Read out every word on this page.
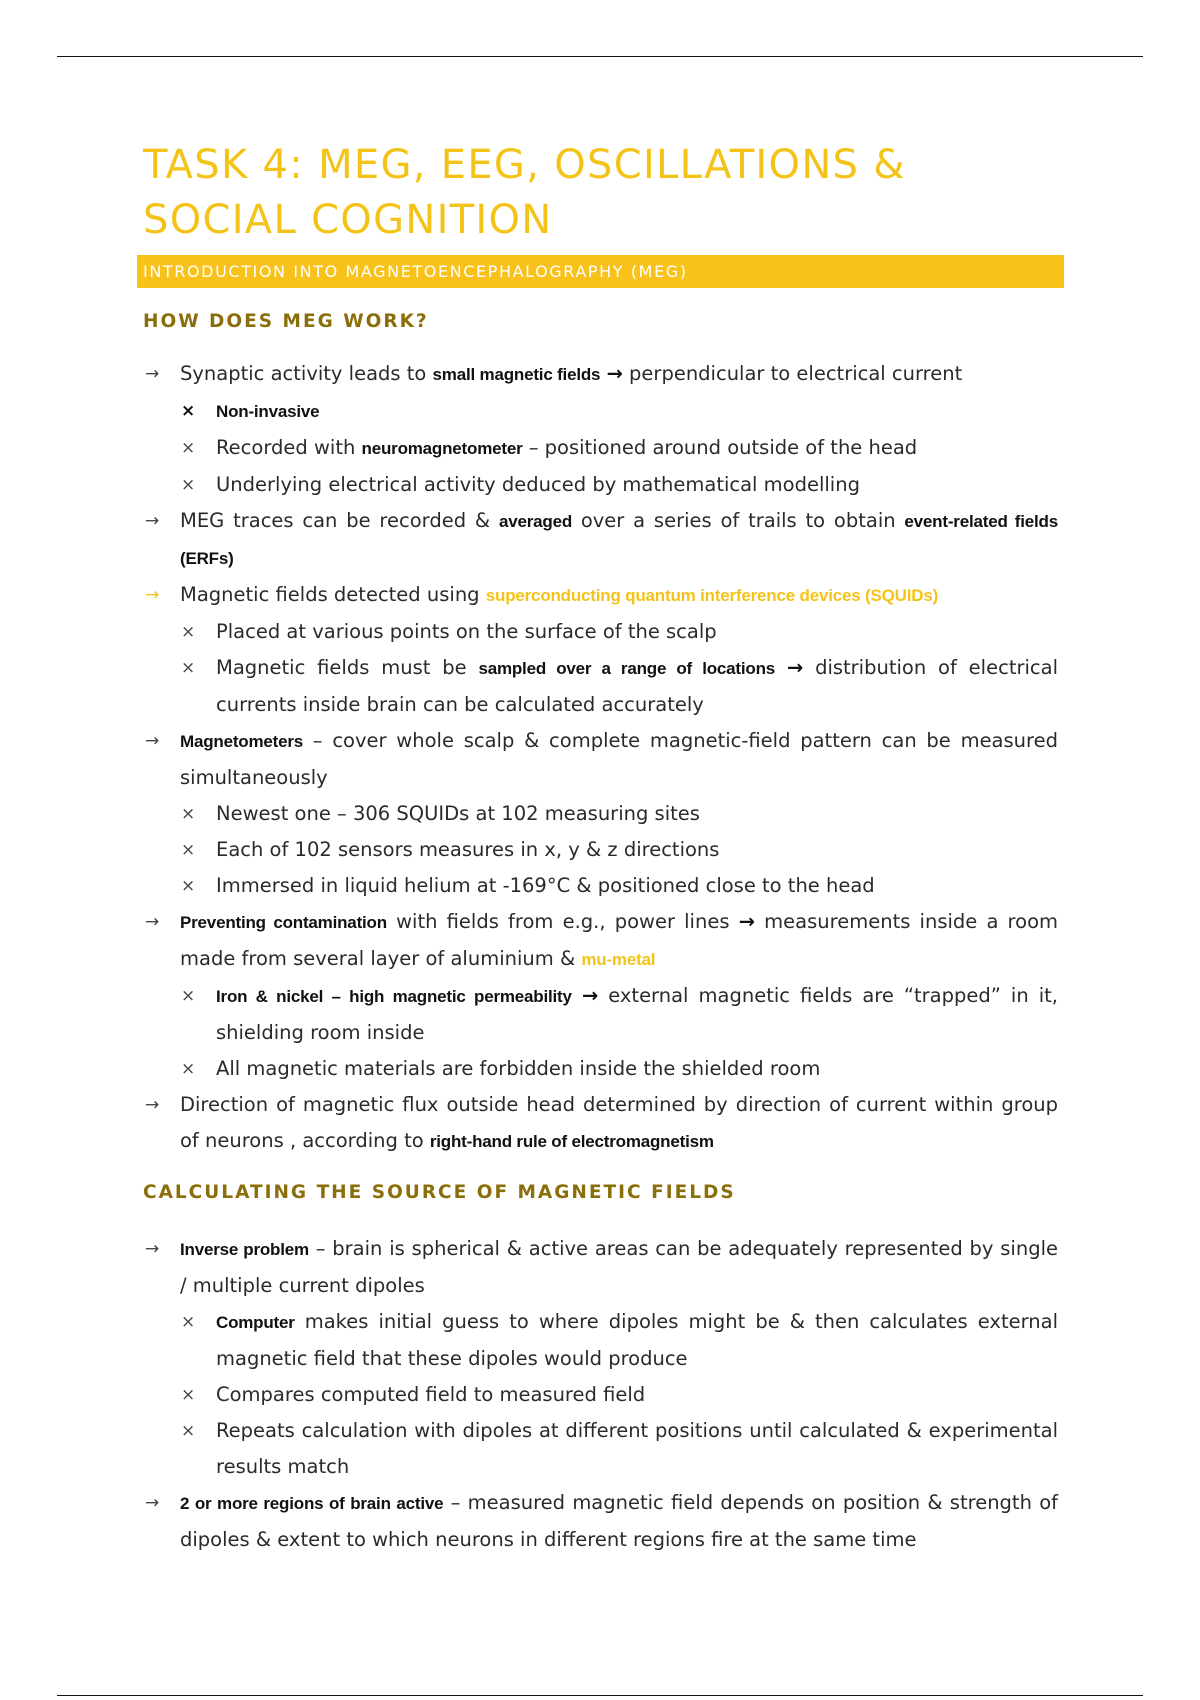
TASK 4: MEG, EEG, OSCILLATIONS &
SOCIAL COGNITION
INTRODUCTION INTO MAGNETOENCEPHALOGRAPHY (MEG)
HOW DOES MEG WORK?
→ Synaptic activity leads to small magnetic fields → perpendicular to electrical current
× Non-invasive
× Recorded with neuromagnetometer – positioned around outside of the head
× Underlying electrical activity deduced by mathematical modelling
→ MEG traces can be recorded & averaged over a series of trails to obtain event-related fields (ERFs)
→ Magnetic fields detected using superconducting quantum interference devices (SQUIDs)
× Placed at various points on the surface of the scalp
× Magnetic fields must be sampled over a range of locations → distribution of electrical currents inside brain can be calculated accurately
→ Magnetometers – cover whole scalp & complete magnetic-field pattern can be measured simultaneously
× Newest one – 306 SQUIDs at 102 measuring sites
× Each of 102 sensors measures in x, y & z directions
× Immersed in liquid helium at -169°C & positioned close to the head
→ Preventing contamination with fields from e.g., power lines → measurements inside a room made from several layer of aluminium & mu-metal
× Iron & nickel – high magnetic permeability → external magnetic fields are “trapped” in it, shielding room inside
× All magnetic materials are forbidden inside the shielded room
→ Direction of magnetic flux outside head determined by direction of current within group of neurons , according to right-hand rule of electromagnetism
CALCULATING THE SOURCE OF MAGNETIC FIELDS
→ Inverse problem – brain is spherical & active areas can be adequately represented by single / multiple current dipoles
× Computer makes initial guess to where dipoles might be & then calculates external magnetic field that these dipoles would produce
× Compares computed field to measured field
× Repeats calculation with dipoles at different positions until calculated & experimental results match
→ 2 or more regions of brain active – measured magnetic field depends on position & strength of dipoles & extent to which neurons in different regions fire at the same time
